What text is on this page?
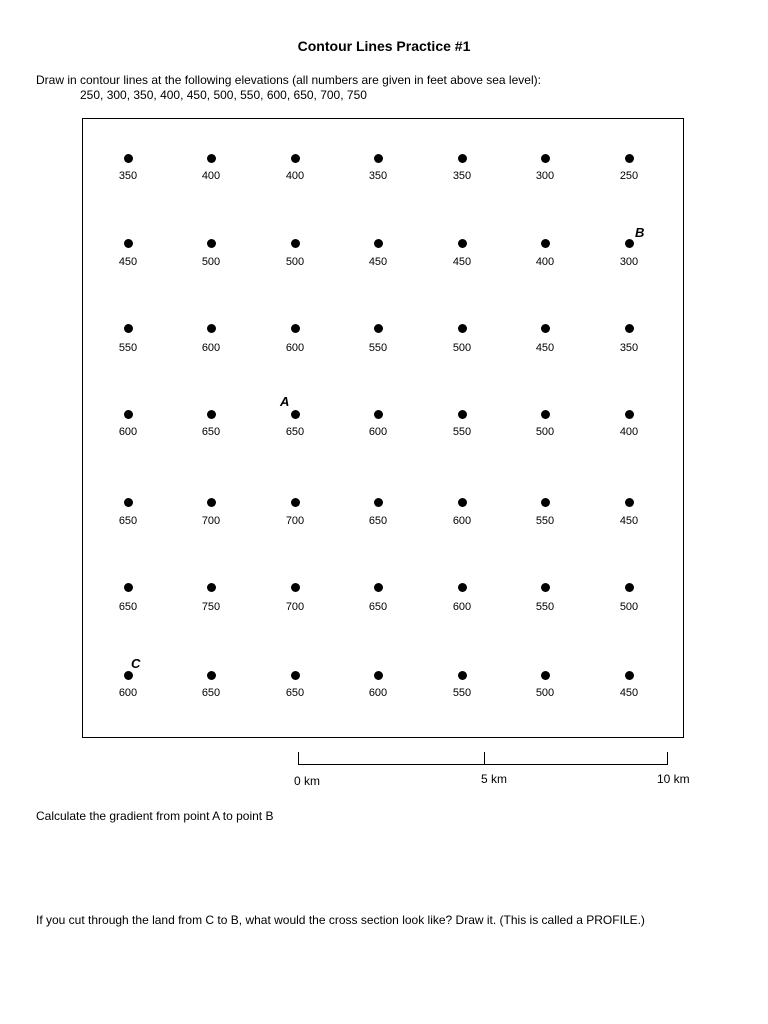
Contour Lines Practice #1
Draw in contour lines at the following elevations (all numbers are given in feet above sea level):
250, 300, 350, 400, 450, 500, 550, 600, 650, 700, 750
350	400	400	350	350	300	250
450	500	500	450	450	400	300
550	600	600	550	500	450	350
600	650	650	600	550	500	400
650	700	700	650	600	550	450
650	750	700	650	600	550	500
600	650	650	600	550	500	450
A
B
C
0 km	5 km	10 km
Calculate the gradient from point A to point B
If you cut through the land from C to B, what would the cross section look like? Draw it. (This is called a PROFILE.)
